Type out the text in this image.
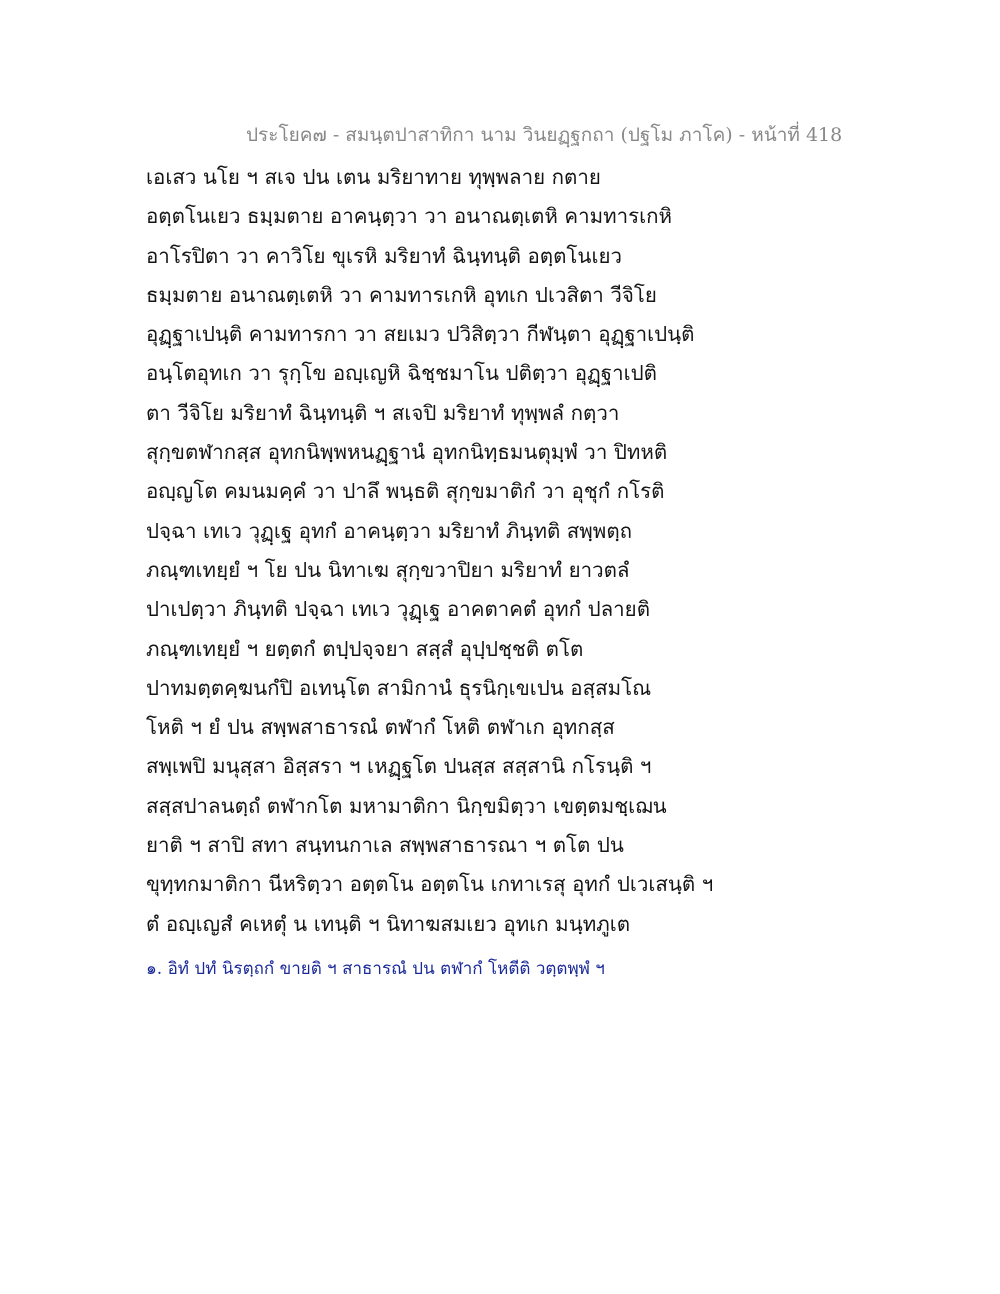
ประโยค๗ - สมนฺตปาสาทิกา นาม วินยฏฺฐกถา (ปฐโม ภาโค) - หน้าที่ 418
เอเสว นโย ฯ สเจ ปน เตน มริยาทาย ทุพฺพลาย กตาย
อตฺตโนเยว ธมฺมตาย อาคนฺตฺวา วา อนาณตฺเตหิ คามทารเกหิ
อาโรปิตา วา คาวิโย ขุเรหิ มริยาทํ ฉินฺทนฺติ อตฺตโนเยว
ธมฺมตาย อนาณตฺเตหิ วา คามทารเกหิ อุทเก ปเวสิตา วีจิโย
อุฏฺฐาเปนฺติ คามทารกา วา สยเมว ปวิสิตฺวา กีฬนฺตา อุฏฺฐาเปนฺติ
อนฺโตอุทเก วา รุกฺโข อญฺเญหิ ฉิชฺชมาโน ปติตฺวา อุฏฺฐาเปติ
ตา วีจิโย มริยาทํ ฉินฺทนฺติ ฯ สเจปิ มริยาทํ ทุพฺพลํ กตฺวา
สุกฺขตฬากสฺส อุทกนิพฺพหนฏฺฐานํ อุทกนิทฺธมนตุมฺพํ วา ปิทหติ
อญฺญโต คมนมคฺคํ วา ปาลึ พนฺธติ สุกฺขมาติกํ วา อุชุกํ กโรติ
ปจฺฉา เทเว วุฏฺเฐ อุทกํ อาคนฺตฺวา มริยาทํ ภินฺทติ สพฺพตฺถ
ภณฺฑเทยฺยํ ฯ โย ปน นิทาเฆ สุกฺขวาปิยา มริยาทํ ยาวตลํ
ปาเปตฺวา ภินฺทติ ปจฺฉา เทเว วุฏฺเฐ อาคตาคตํ อุทกํ ปลายติ
ภณฺฑเทยฺยํ ฯ ยตฺตกํ ตปฺปจฺจยา สสฺสํ อุปฺปชฺชติ ตโต
ปาทมตฺตคฺฆนกํปิ อเทนฺโต สามิกานํ ธุรนิกฺเขเปน อสฺสมโณ
โหติ ฯ ยํ ปน สพฺพสาธารณํ ตฬากํ โหติ ตฬาเก อุทกสฺส
สพฺเพปิ มนุสฺสา อิสฺสรา ฯ เหฏฺฐโต ปนสฺส สสฺสานิ กโรนฺติ ฯ
สสฺสปาลนตฺถํ ตฬากโต มหามาติกา นิกฺขมิตฺวา เขตฺตมชฺเฌน
ยาติ ฯ สาปิ สทา สนฺทนกาเล สพฺพสาธารณา ฯ ตโต ปน
ขุทฺทกมาติกา นีหริตฺวา อตฺตโน อตฺตโน เกทาเรสุ อุทกํ ปเวเสนฺติ ฯ
ตํ อญฺเญสํ คเหตุํ น เทนฺติ ฯ นิทาฆสมเยว อุทเก มนฺทภูเต
๑. อิทํ ปทํ นิรตฺถกํ ขายติ ฯ สาธารณํ ปน ตฬากํ โหตีติ วตฺตพฺพํ ฯ
